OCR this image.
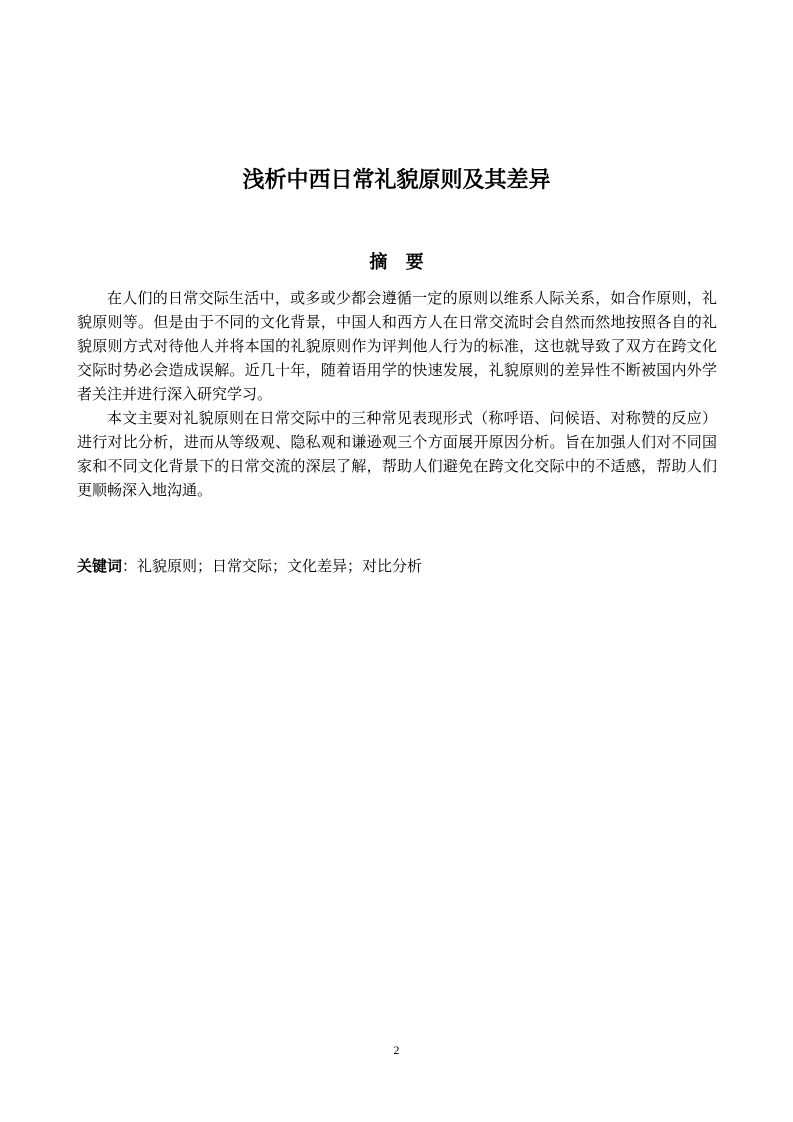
浅析中西日常礼貌原则及其差异
摘 要

在人们的日常交际生活中，或多或少都会遵循一定的原则以维系人际关系，如合作原则，礼貌原则等。但是由于不同的文化背景，中国人和西方人在日常交流时会自然而然地按照各自的礼貌原则方式对待他人并将本国的礼貌原则作为评判他人行为的标准，这也就导致了双方在跨文化交际时势必会造成误解。近几十年，随着语用学的快速发展，礼貌原则的差异性不断被国内外学者关注并进行深入研究学习。

本文主要对礼貌原则在日常交际中的三种常见表现形式（称呼语、问候语、对称赞的反应）进行对比分析，进而从等级观、隐私观和谦逊观三个方面展开原因分析。旨在加强人们对不同国家和不同文化背景下的日常交流的深层了解，帮助人们避免在跨文化交际中的不适感，帮助人们更顺畅深入地沟通。

关键词：礼貌原则；日常交际；文化差异；对比分析
2
